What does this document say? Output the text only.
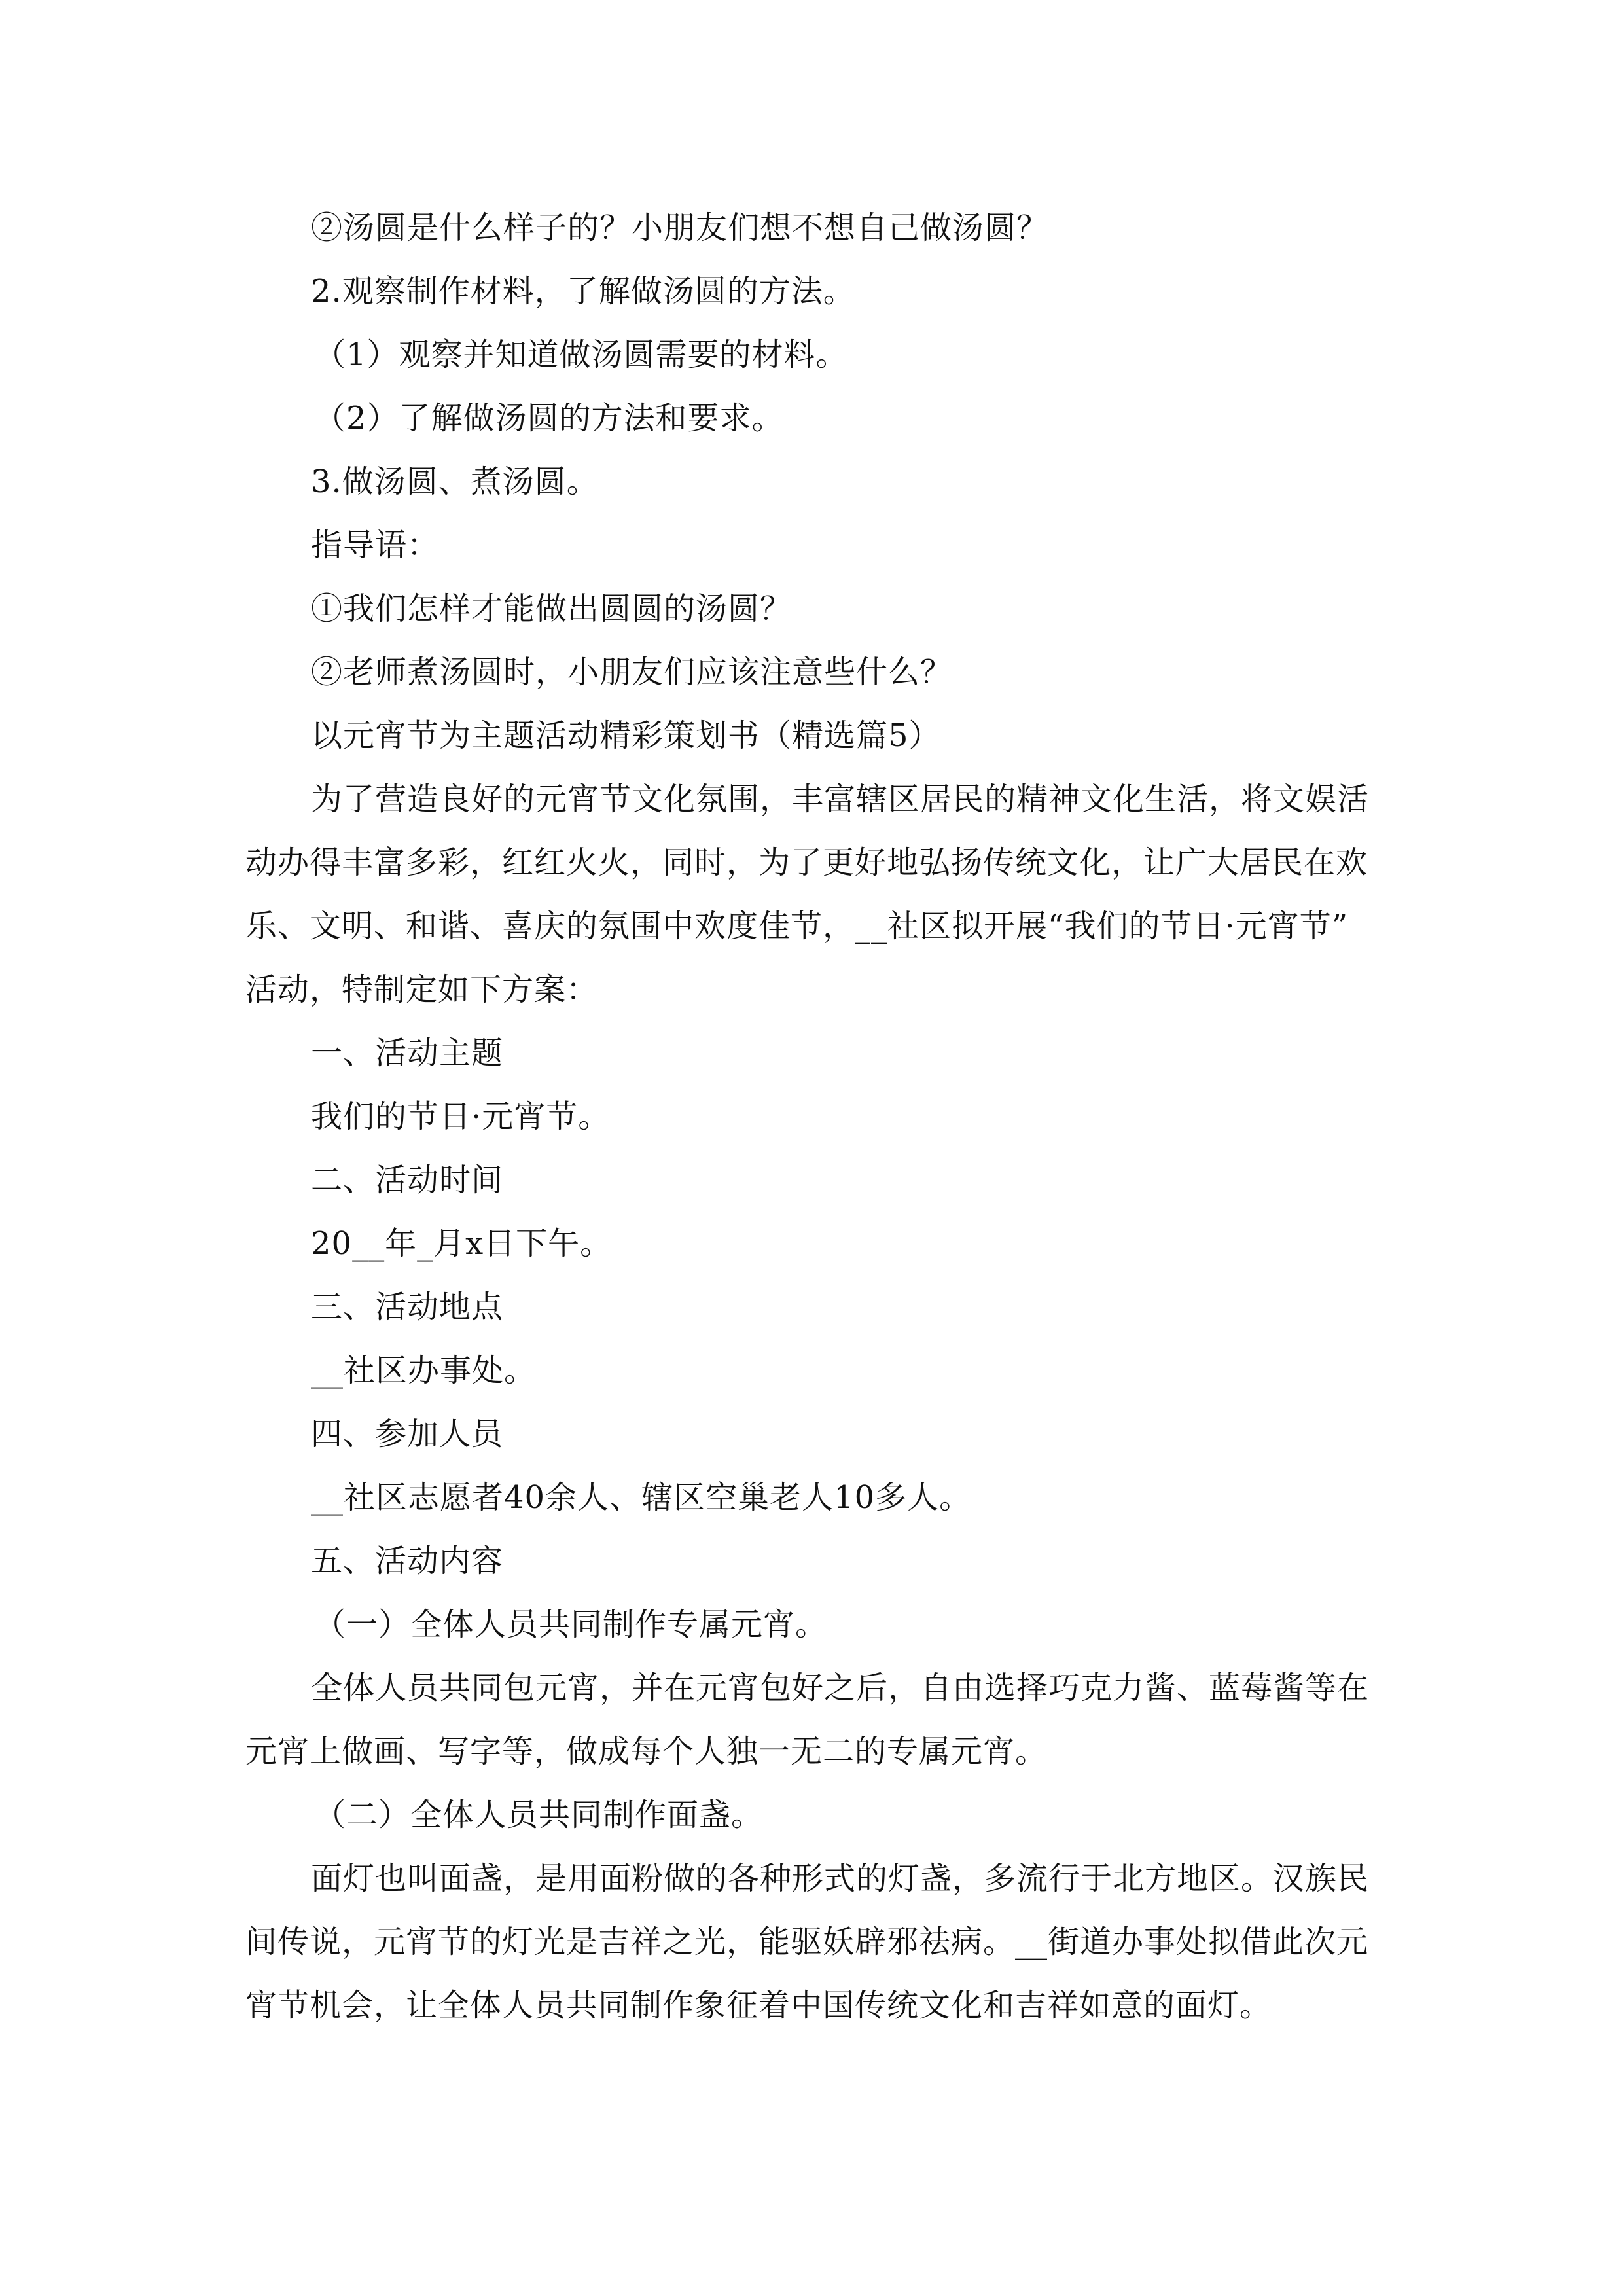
②汤圆是什么样子的？小朋友们想不想自己做汤圆？

2.观察制作材料，了解做汤圆的方法。

（1）观察并知道做汤圆需要的材料。

（2）了解做汤圆的方法和要求。

3.做汤圆、煮汤圆。

指导语：

①我们怎样才能做出圆圆的汤圆？

②老师煮汤圆时，小朋友们应该注意些什么？

以元宵节为主题活动精彩策划书（精选篇5）

为了营造良好的元宵节文化氛围，丰富辖区居民的精神文化生活，将文娱活

动办得丰富多彩，红红火火，同时，为了更好地弘扬传统文化，让广大居民在欢

乐、文明、和谐、喜庆的氛围中欢度佳节，__社区拟开展“我们的节日·元宵节”

活动，特制定如下方案：

一、活动主题

我们的节日·元宵节。

二、活动时间

20__年_月x日下午。

三、活动地点

__社区办事处。

四、参加人员

__社区志愿者40余人、辖区空巢老人10多人。

五、活动内容

（一）全体人员共同制作专属元宵。

全体人员共同包元宵，并在元宵包好之后，自由选择巧克力酱、蓝莓酱等在

元宵上做画、写字等，做成每个人独一无二的专属元宵。

（二）全体人员共同制作面盏。

面灯也叫面盏，是用面粉做的各种形式的灯盏，多流行于北方地区。汉族民

间传说，元宵节的灯光是吉祥之光，能驱妖辟邪祛病。__街道办事处拟借此次元

宵节机会，让全体人员共同制作象征着中国传统文化和吉祥如意的面灯。
